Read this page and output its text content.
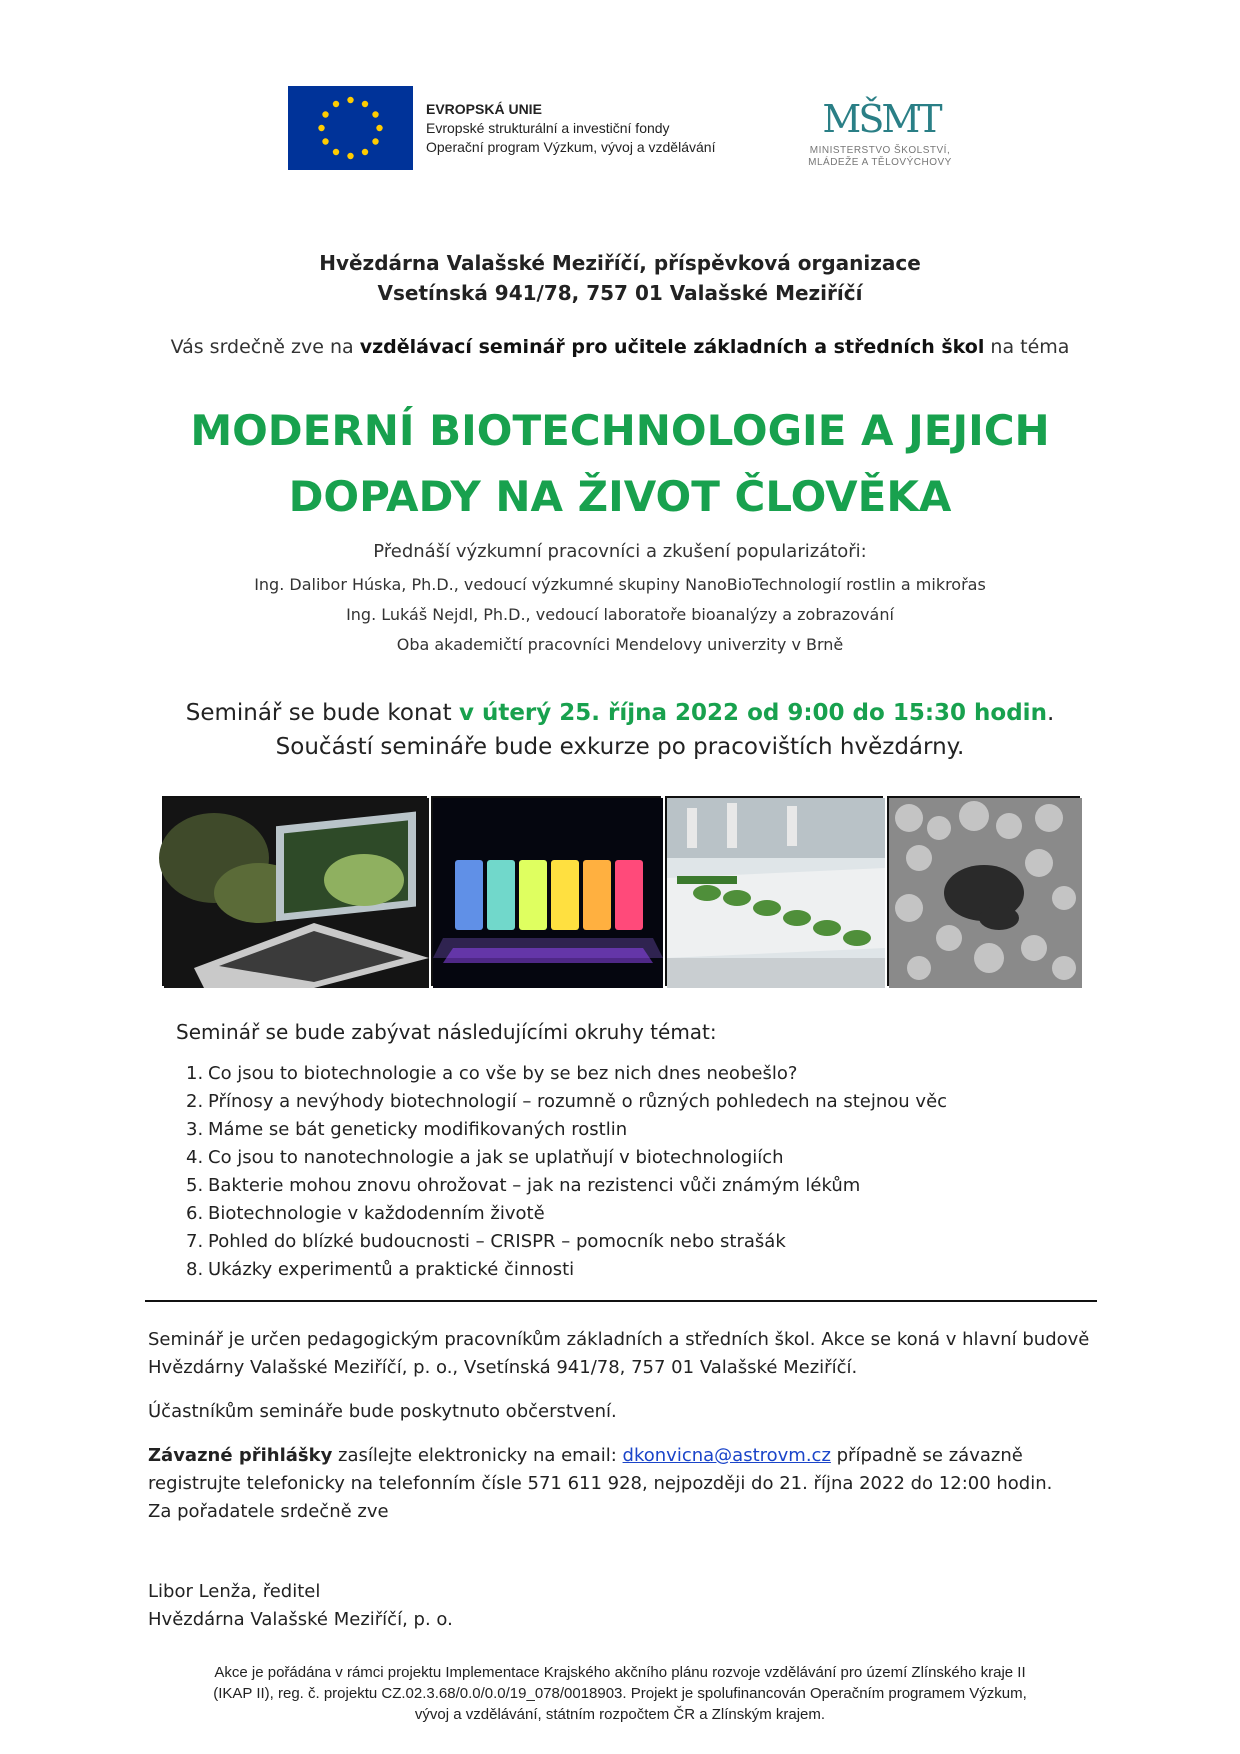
EVROPSKÁ UNIE
Evropské strukturální a investiční fondy
Operační program Výzkum, vývoj a vzdělávání
MŠMT
MINISTERSTVO ŠKOLSTVÍ,
MLÁDEŽE A TĚLOVÝCHOVY
Hvězdárna Valašské Meziříčí, příspěvková organizace
Vsetínská 941/78, 757 01 Valašské Meziříčí
Vás srdečně zve na vzdělávací seminář pro učitele základních a středních škol na téma
MODERNÍ BIOTECHNOLOGIE A JEJICH
DOPADY NA ŽIVOT ČLOVĚKA
Přednáší výzkumní pracovníci a zkušení popularizátoři:
Ing. Dalibor Húska, Ph.D., vedoucí výzkumné skupiny NanoBioTechnologií rostlin a mikrořas
Ing. Lukáš Nejdl, Ph.D., vedoucí laboratoře bioanalýzy a zobrazování
Oba akademičtí pracovníci Mendelovy univerzity v Brně
Seminář se bude konat v úterý 25. října 2022 od 9:00 do 15:30 hodin.
Součástí semináře bude exkurze po pracovištích hvězdárny.
Seminář se bude zabývat následujícími okruhy témat:
1. Co jsou to biotechnologie a co vše by se bez nich dnes neobešlo?
2. Přínosy a nevýhody biotechnologií – rozumně o různých pohledech na stejnou věc
3. Máme se bát geneticky modifikovaných rostlin
4. Co jsou to nanotechnologie a jak se uplatňují v biotechnologiích
5. Bakterie mohou znovu ohrožovat – jak na rezistenci vůči známým lékům
6. Biotechnologie v každodenním životě
7. Pohled do blízké budoucnosti – CRISPR – pomocník nebo strašák
8. Ukázky experimentů a praktické činnosti

Seminář je určen pedagogickým pracovníkům základních a středních škol. Akce se koná v hlavní budově Hvězdárny Valašské Meziříčí, p. o., Vsetínská 941/78, 757 01 Valašské Meziříčí.

Účastníkům semináře bude poskytnuto občerstvení.

Závazné přihlášky zasílejte elektronicky na email: dkonvicna@astrovm.cz případně se závazně registrujte telefonicky na telefonním čísle 571 611 928, nejpozději do 21. října 2022 do 12:00 hodin.
Za pořadatele srdečně zve

Libor Lenža, ředitel
Hvězdárna Valašské Meziříčí, p. o.
Akce je pořádána v rámci projektu Implementace Krajského akčního plánu rozvoje vzdělávání pro území Zlínského kraje II
(IKAP II), reg. č. projektu CZ.02.3.68/0.0/0.0/19_078/0018903. Projekt je spolufinancován Operačním programem Výzkum,
vývoj a vzdělávání, státním rozpočtem ČR a Zlínským krajem.
